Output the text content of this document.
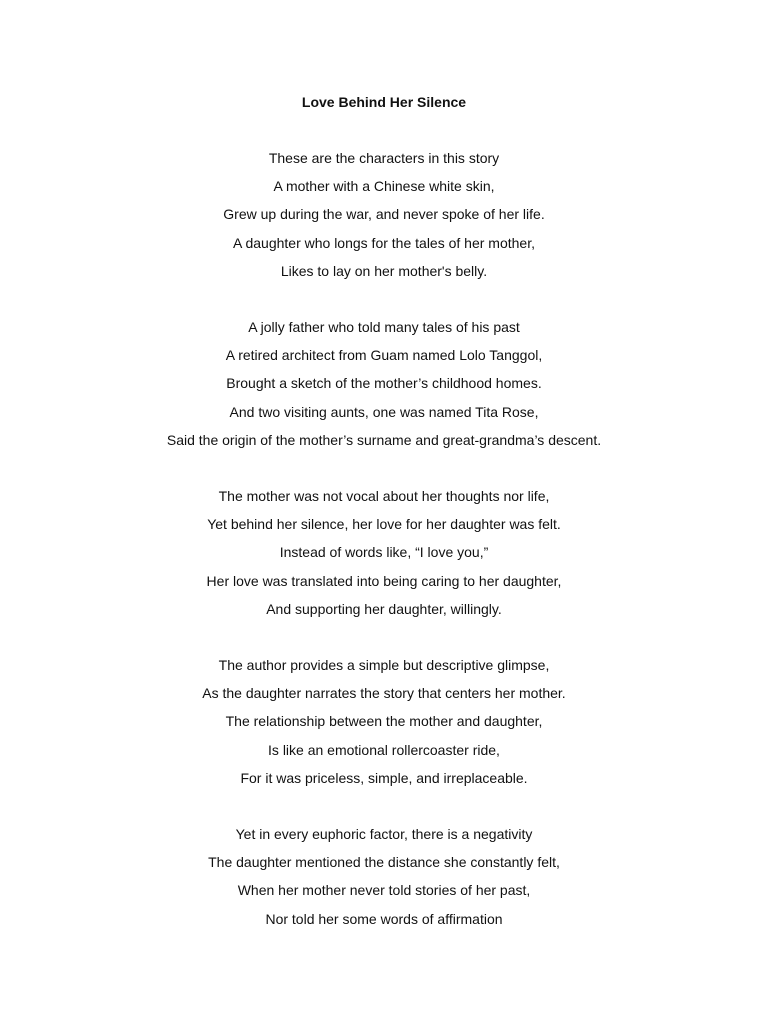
Love Behind Her Silence
These are the characters in this story
A mother with a Chinese white skin,
Grew up during the war, and never spoke of her life.
A daughter who longs for the tales of her mother,
Likes to lay on her mother's belly.
A jolly father who told many tales of his past
A retired architect from Guam named Lolo Tanggol,
Brought a sketch of the mother’s childhood homes.
And two visiting aunts, one was named Tita Rose,
Said the origin of the mother’s surname and great-grandma’s descent.
The mother was not vocal about her thoughts nor life,
Yet behind her silence, her love for her daughter was felt.
Instead of words like, “I love you,”
Her love was translated into being caring to her daughter,
And supporting her daughter, willingly.
The author provides a simple but descriptive glimpse,
As the daughter narrates the story that centers her mother.
The relationship between the mother and daughter,
Is like an emotional rollercoaster ride,
For it was priceless, simple, and irreplaceable.
Yet in every euphoric factor, there is a negativity
The daughter mentioned the distance she constantly felt,
When her mother never told stories of her past,
Nor told her some words of affirmation
